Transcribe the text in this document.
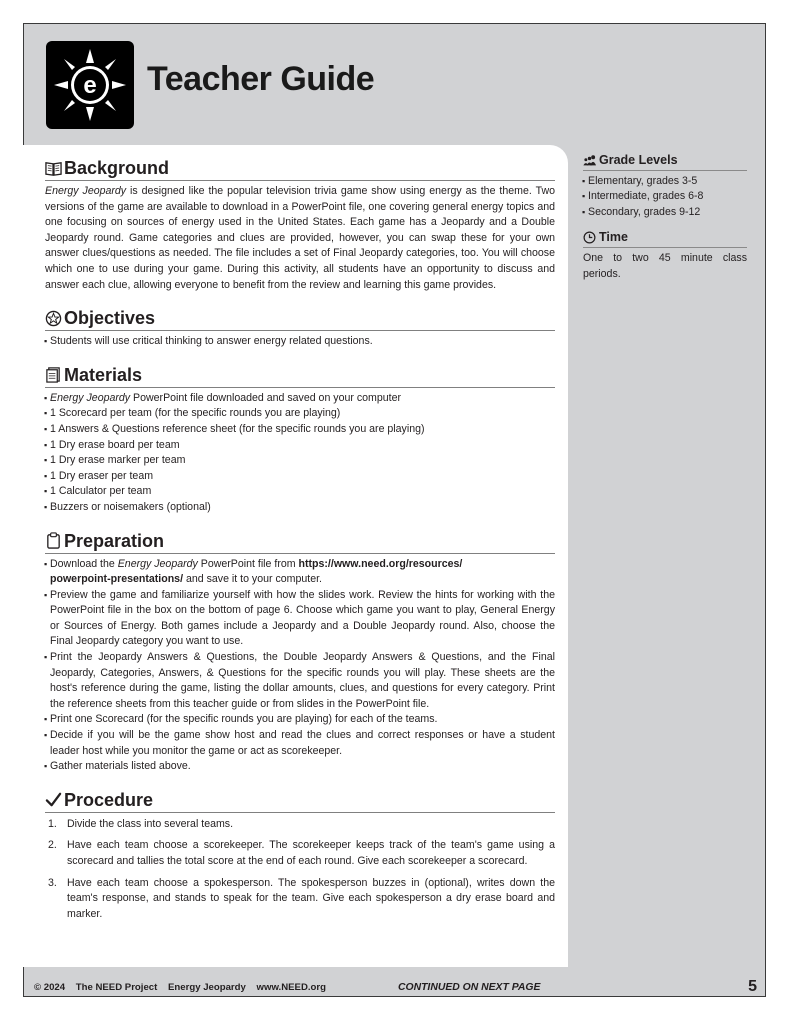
e Teacher Guide
Background

Energy Jeopardy is designed like the popular television trivia game show using energy as the theme. Two versions of the game are available to download in a PowerPoint file, one covering general energy topics and one focusing on sources of energy used in the United States. Each game has a Jeopardy and a Double Jeopardy round. Game categories and clues are provided, however, you can swap these for your own answer clues/questions as needed. The file includes a set of Final Jeopardy categories, too. You will choose which one to use during your game. During this activity, all students have an opportunity to discuss and answer each clue, allowing everyone to benefit from the review and learning this game provides.

Objectives
▪ Students will use critical thinking to answer energy related questions.
Materials
▪ Energy Jeopardy PowerPoint file downloaded and saved on your computer
▪ 1 Scorecard per team (for the specific rounds you are playing)
▪ 1 Answers & Questions reference sheet (for the specific rounds you are playing)
▪ 1 Dry erase board per team
▪ 1 Dry erase marker per team
▪ 1 Dry eraser per team
▪ 1 Calculator per team
▪ Buzzers or noisemakers (optional)
Preparation
▪ Download the Energy Jeopardy PowerPoint file from https://www.need.org/resources/
powerpoint-presentations/ and save it to your computer.
▪ Preview the game and familiarize yourself with how the slides work. Review the hints for working with the PowerPoint file in the box on the bottom of page 6. Choose which game you want to play, General Energy or Sources of Energy. Both games include a Jeopardy and a Double Jeopardy round. Also, choose the Final Jeopardy category you want to use.
▪ Print the Jeopardy Answers & Questions, the Double Jeopardy Answers & Questions, and the Final Jeopardy, Categories, Answers, & Questions for the specific rounds you will play. These sheets are the host's reference during the game, listing the dollar amounts, clues, and questions for every category. Print the reference sheets from this teacher guide or from slides in the PowerPoint file.
▪ Print one Scorecard (for the specific rounds you are playing) for each of the teams.
▪ Decide if you will be the game show host and read the clues and correct responses or have a student leader host while you monitor the game or act as scorekeeper.
▪ Gather materials listed above.
Procedure
1. Divide the class into several teams.
2. Have each team choose a scorekeeper. The scorekeeper keeps track of the team's game using a scorecard and tallies the total score at the end of each round. Give each scorekeeper a scorecard.
3. Have each team choose a spokesperson. The spokesperson buzzes in (optional), writes down the team's response, and stands to speak for the team. Give each spokesperson a dry erase board and marker.
Grade Levels
▪ Elementary, grades 3-5
▪ Intermediate, grades 6-8
▪ Secondary, grades 9-12
Time

One to two 45 minute class periods.

© 2024 The NEED Project Energy Jeopardy www.NEED.org	CONTINUED ON NEXT PAGE	5
